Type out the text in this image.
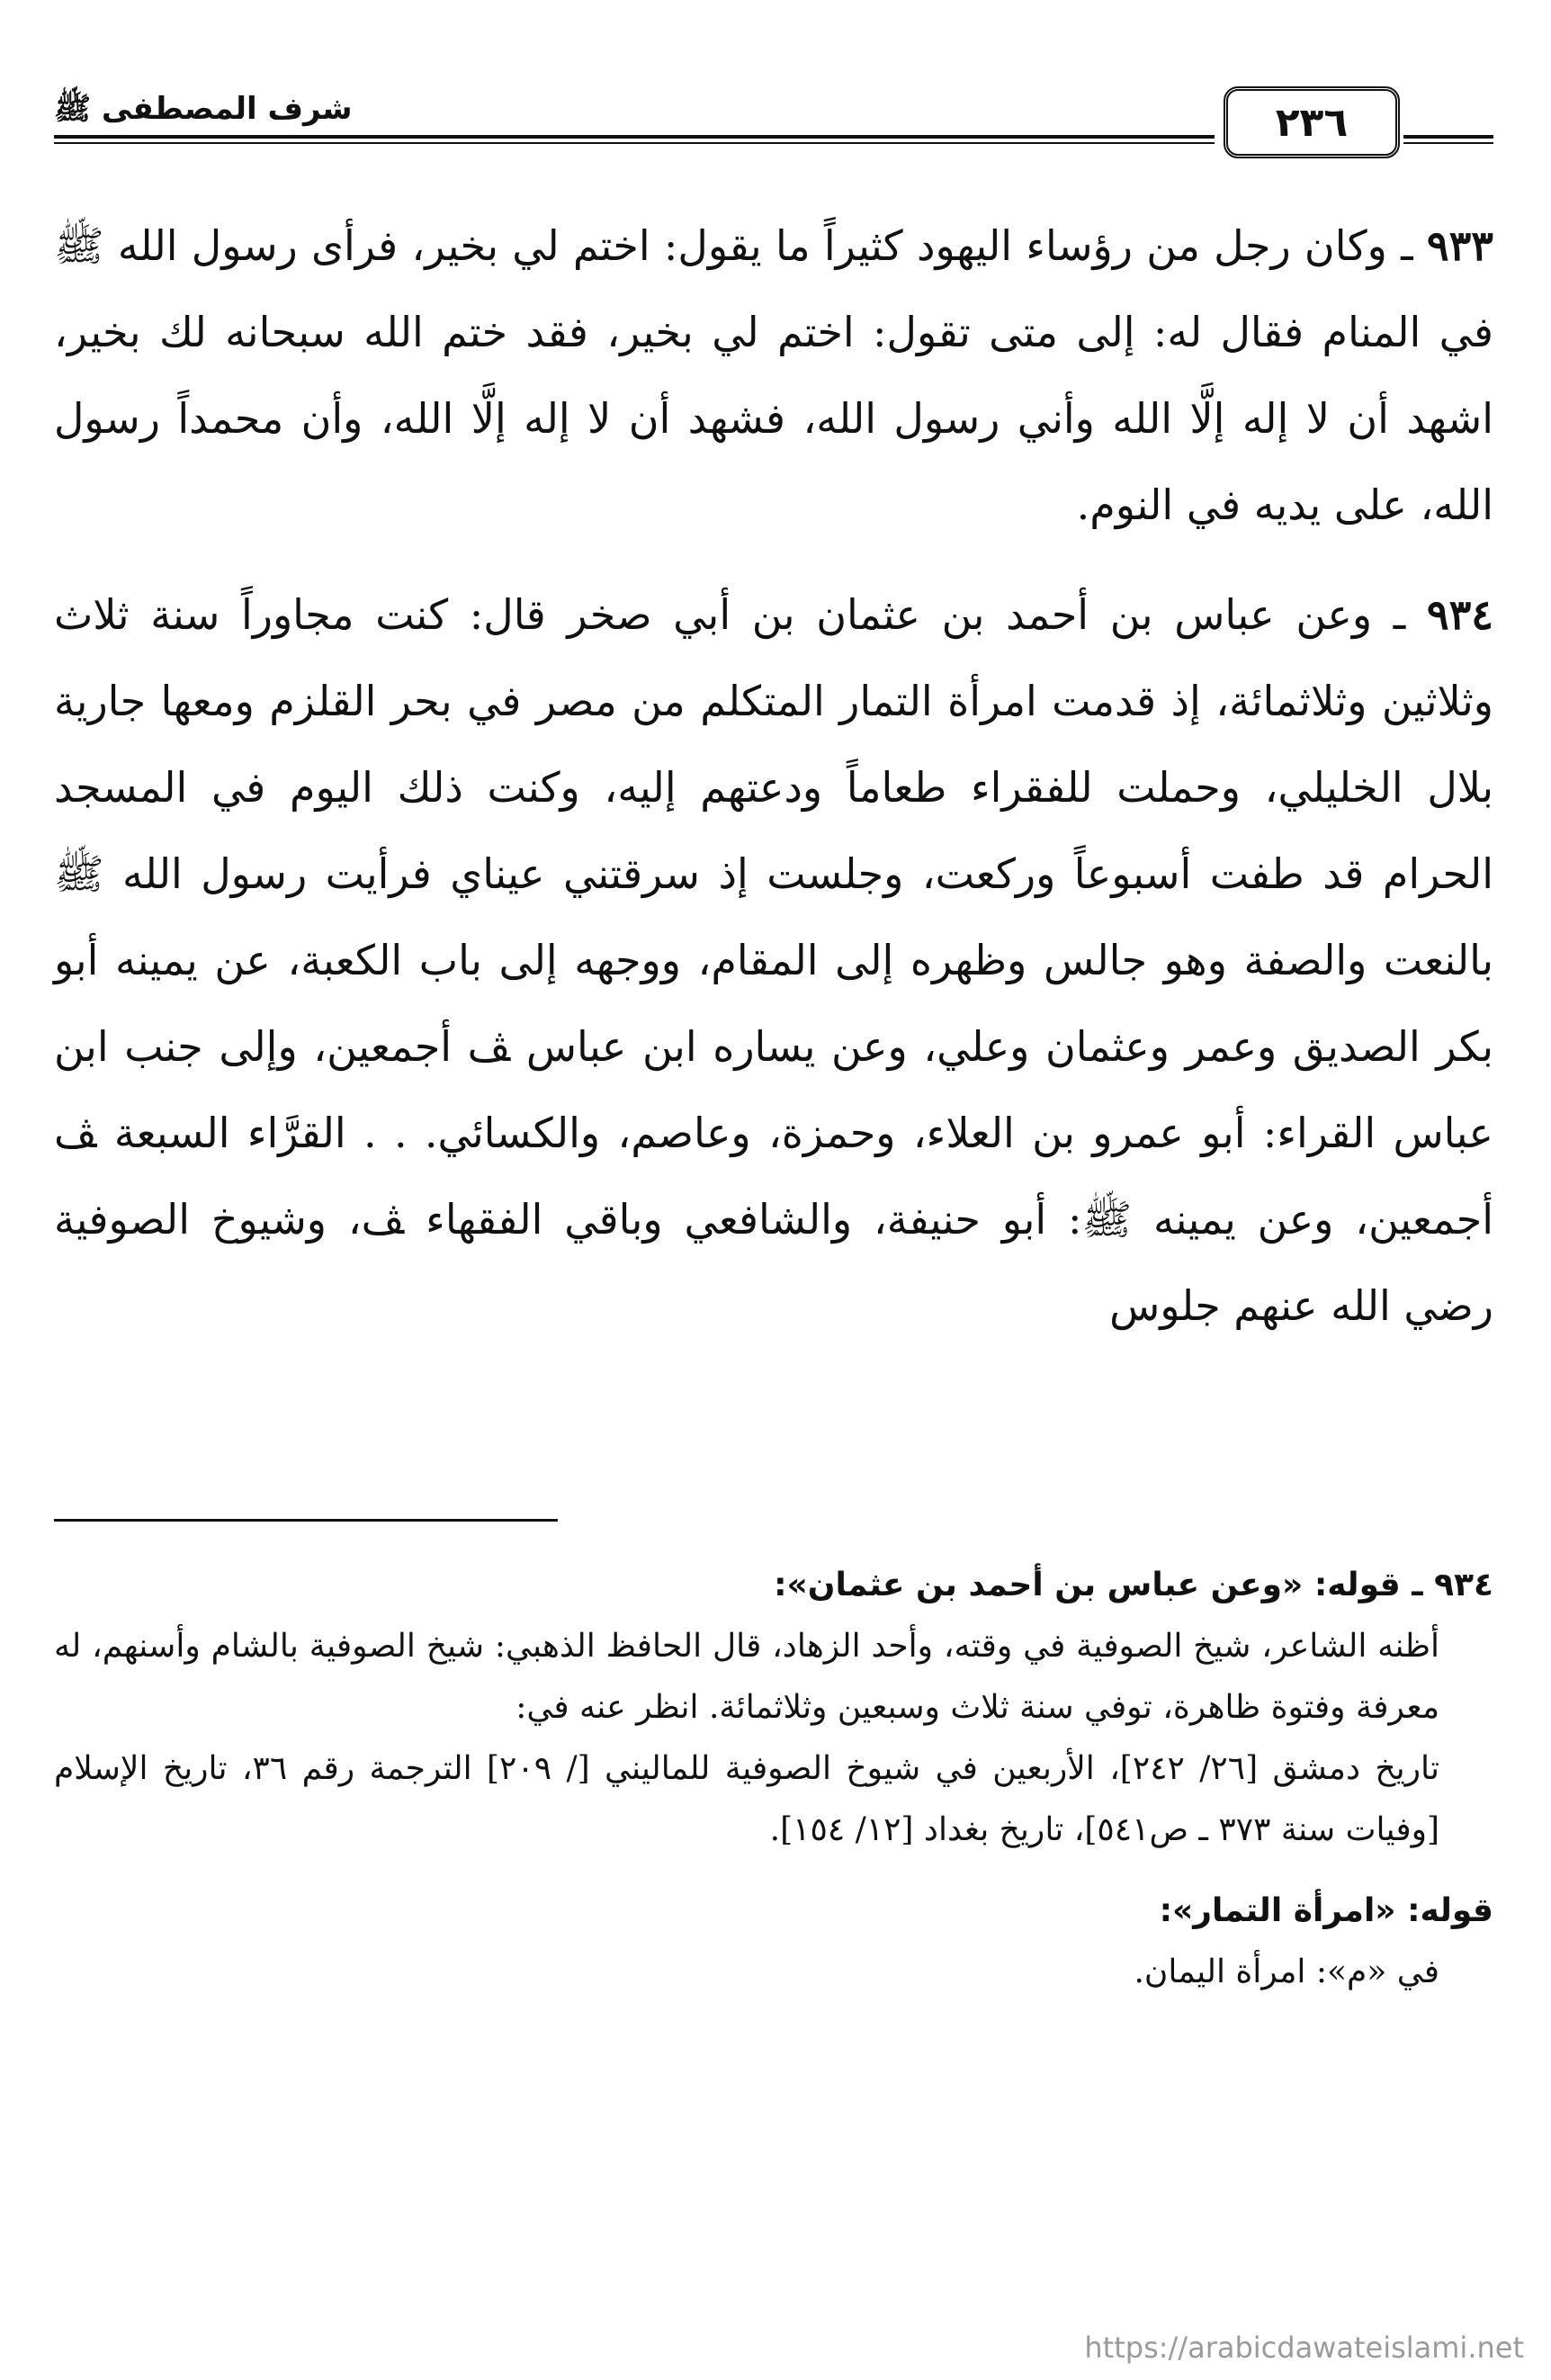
شرف المصطفى ﷺ	٢٣٦

٩٣٣ ـ وكان رجل من رؤساء اليهود كثيراً ما يقول: اختم لي بخير، فرأى رسول الله ﷺ في المنام فقال له: إلى متى تقول: اختم لي بخير، فقد ختم الله سبحانه لك بخير، اشهد أن لا إله إلَّا الله وأني رسول الله، فشهد أن لا إله إلَّا الله، وأن محمداً رسول الله، على يديه في النوم.

٩٣٤ ـ وعن عباس بن أحمد بن عثمان بن أبي صخر قال: كنت مجاوراً سنة ثلاث وثلاثين وثلاثمائة، إذ قدمت امرأة التمار المتكلم من مصر في بحر القلزم ومعها جارية بلال الخليلي، وحملت للفقراء طعاماً ودعتهم إليه، وكنت ذلك اليوم في المسجد الحرام قد طفت أسبوعاً وركعت، وجلست إذ سرقتني عيناي فرأيت رسول الله ﷺ بالنعت والصفة وهو جالس وظهره إلى المقام، ووجهه إلى باب الكعبة، عن يمينه أبو بكر الصديق وعمر وعثمان وعلي، وعن يساره ابن عباس ﭫ أجمعين، وإلى جنب ابن عباس القراء: أبو عمرو بن العلاء، وحمزة، وعاصم، والكسائي. . . القرَّاء السبعة ﭫ أجمعين، وعن يمينه ﷺ: أبو حنيفة، والشافعي وباقي الفقهاء ﭫ، وشيوخ الصوفية رضي الله عنهم جلوس

٩٣٤ ـ قوله: «وعن عباس بن أحمد بن عثمان»:

أظنه الشاعر، شيخ الصوفية في وقته، وأحد الزهاد، قال الحافظ الذهبي: شيخ الصوفية بالشام وأسنهم، له معرفة وفتوة ظاهرة، توفي سنة ثلاث وسبعين وثلاثمائة. انظر عنه في:

تاريخ دمشق [٢٦/ ٢٤٢]، الأربعين في شيوخ الصوفية للماليني [/ ٢٠٩] الترجمة رقم ٣٦، تاريخ الإسلام [وفيات سنة ٣٧٣ ـ ص٥٤١]، تاريخ بغداد [١٢/ ١٥٤].

قوله: «امرأة التمار»:

في «م»: امرأة اليمان.

https://arabicdawateislami.net
